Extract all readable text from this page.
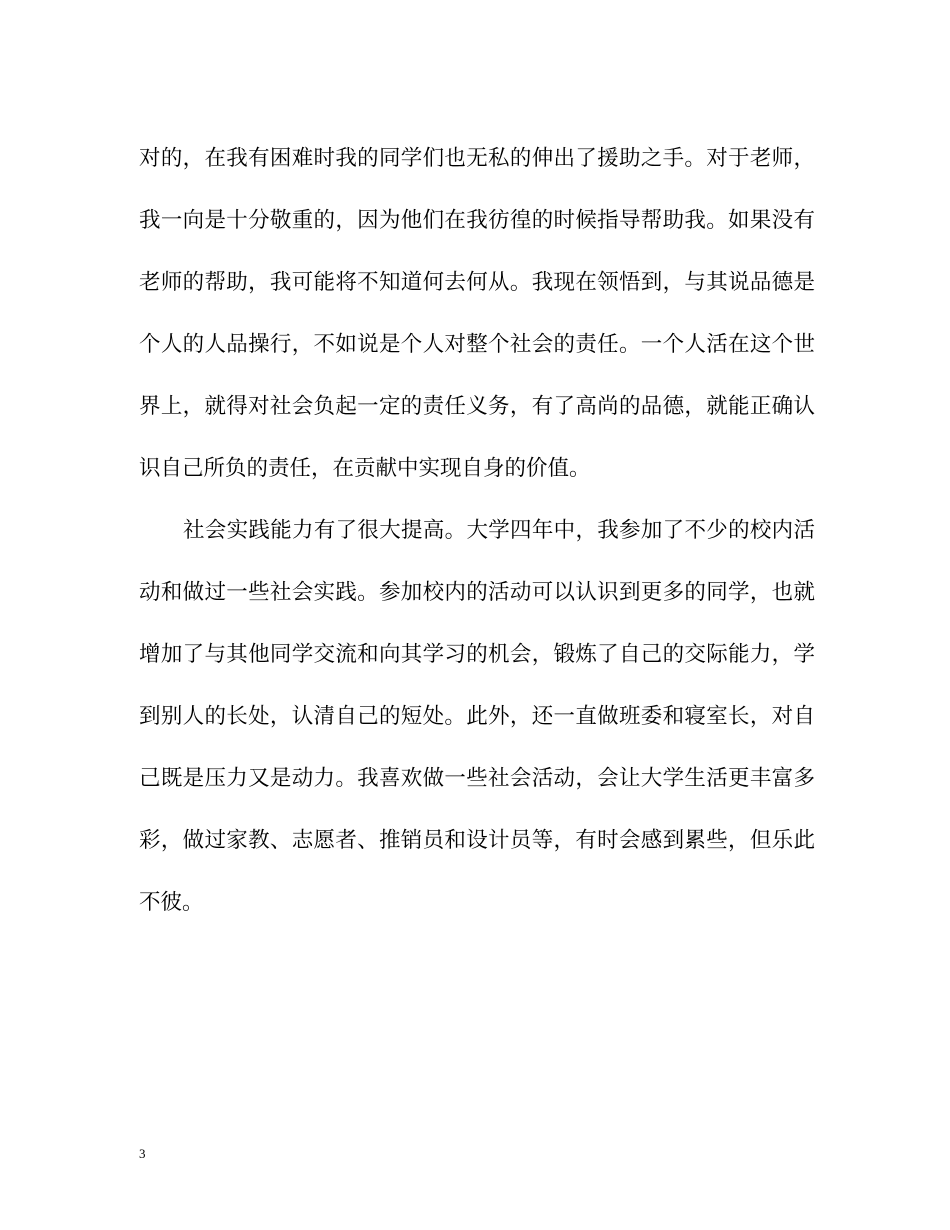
对的，在我有困难时我的同学们也无私的伸出了援助之手。对于老师，
我一向是十分敬重的，因为他们在我彷徨的时候指导帮助我。如果没有
老师的帮助，我可能将不知道何去何从。我现在领悟到，与其说品德是
个人的人品操行，不如说是个人对整个社会的责任。一个人活在这个世
界上，就得对社会负起一定的责任义务，有了高尚的品德，就能正确认
识自己所负的责任，在贡献中实现自身的价值。
社会实践能力有了很大提高。大学四年中，我参加了不少的校内活
动和做过一些社会实践。参加校内的活动可以认识到更多的同学，也就
增加了与其他同学交流和向其学习的机会，锻炼了自己的交际能力，学
到别人的长处，认清自己的短处。此外，还一直做班委和寝室长，对自
己既是压力又是动力。我喜欢做一些社会活动，会让大学生活更丰富多
彩，做过家教、志愿者、推销员和设计员等，有时会感到累些，但乐此
不彼。

3
